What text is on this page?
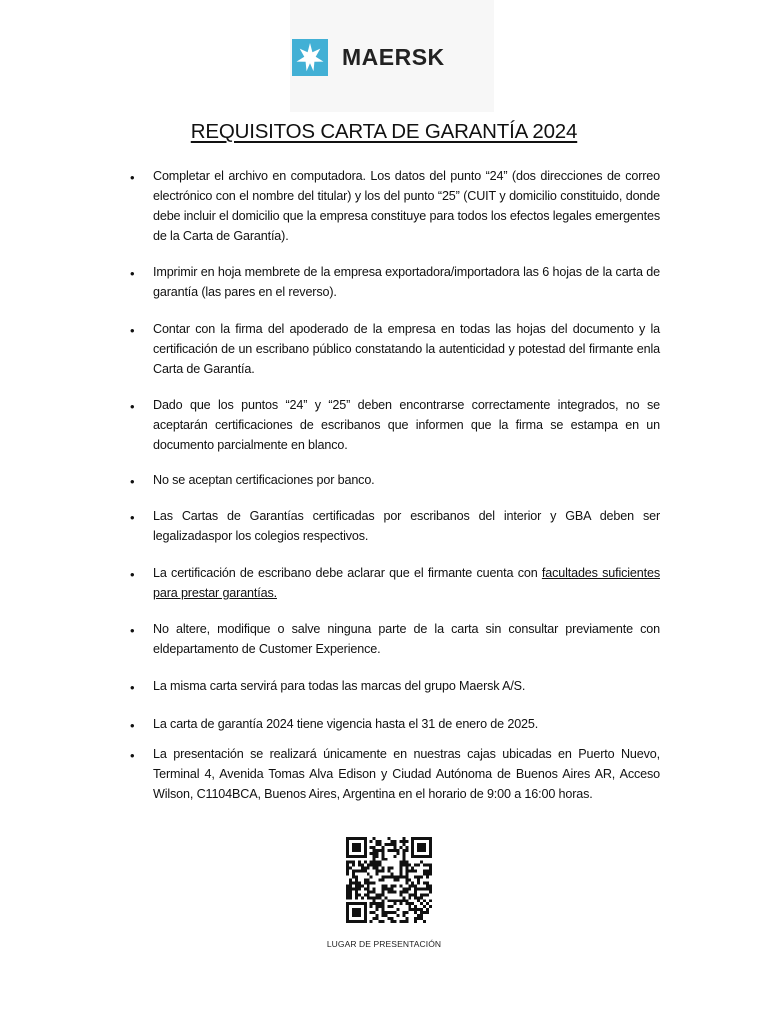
MAERSK
REQUISITOS CARTA DE GARANTÍA 2024
• Completar el archivo en computadora. Los datos del punto “24” (dos direcciones de correo electrónico con el nombre del titular) y los del punto “25” (CUIT y domicilio constituido, donde debe incluir el domicilio que la empresa constituye para todos los efectos legales emergentes de la Carta de Garantía).
• Imprimir en hoja membrete de la empresa exportadora/importadora las 6 hojas de la carta de garantía (las pares en el reverso).
• Contar con la firma del apoderado de la empresa en todas las hojas del documento y la certificación de un escribano público constatando la autenticidad y potestad del firmante enla Carta de Garantía.
• Dado que los puntos “24” y “25” deben encontrarse correctamente integrados, no se aceptarán certificaciones de escribanos que informen que la firma se estampa en un documento parcialmente en blanco.
• No se aceptan certificaciones por banco.
• Las Cartas de Garantías certificadas por escribanos del interior y GBA deben ser legalizadaspor los colegios respectivos.
• La certificación de escribano debe aclarar que el firmante cuenta con facultades suficientes para prestar garantías.
• No altere, modifique o salve ninguna parte de la carta sin consultar previamente con eldepartamento de Customer Experience.
• La misma carta servirá para todas las marcas del grupo Maersk A/S.
• La carta de garantía 2024 tiene vigencia hasta el 31 de enero de 2025.
• La presentación se realizará únicamente en nuestras cajas ubicadas en Puerto Nuevo, Terminal 4, Avenida Tomas Alva Edison y Ciudad Autónoma de Buenos Aires AR, Acceso Wilson, C1104BCA, Buenos Aires, Argentina en el horario de 9:00 a 16:00 horas.
LUGAR DE PRESENTACIÓN
